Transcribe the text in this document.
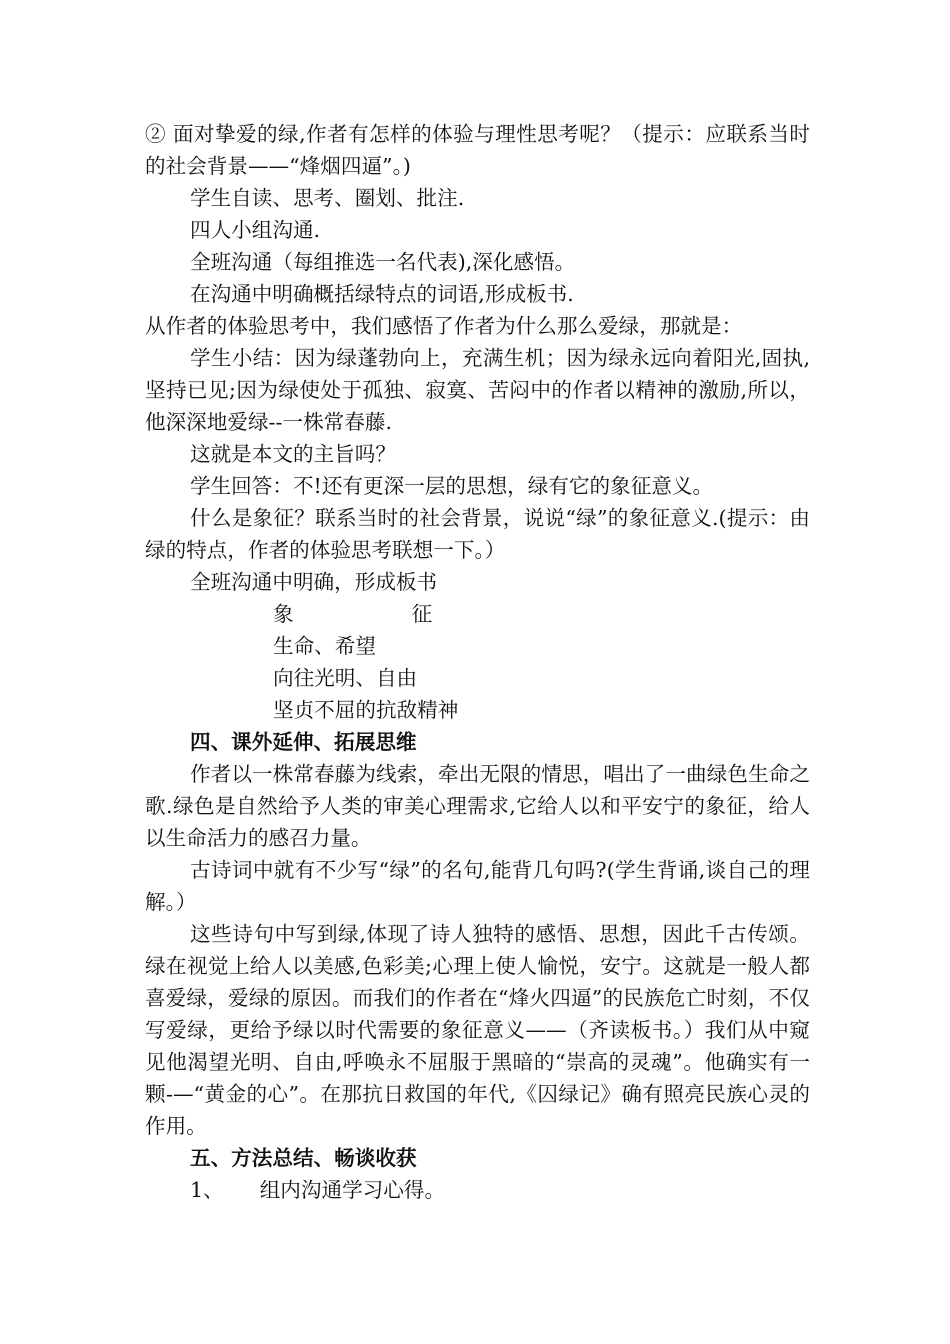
② 面对挚爱的绿,作者有怎样的体验与理性思考呢？（提示：应联系当时的社会背景——“烽烟四逼”。)

学生自读、思考、圈划、批注.

四人小组沟通.

全班沟通（每组推选一名代表),深化感悟。

在沟通中明确概括绿特点的词语,形成板书.

从作者的体验思考中，我们感悟了作者为什么那么爱绿，那就是：

学生小结：因为绿蓬勃向上，充满生机；因为绿永远向着阳光,固执,坚持已见;因为绿使处于孤独、寂寞、苦闷中的作者以精神的激励,所以，他深深地爱绿--一株常春藤.

这就是本文的主旨吗？

学生回答：不!还有更深一层的思想，绿有它的象征意义。

什么是象征？联系当时的社会背景，说说“绿”的象征意义.(提示：由绿的特点，作者的体验思考联想一下。）

全班沟通中明确，形成板书

象	征
生命、希望
向往光明、自由
坚贞不屈的抗敌精神

四、课外延伸、拓展思维

作者以一株常春藤为线索，牵出无限的情思，唱出了一曲绿色生命之歌.绿色是自然给予人类的审美心理需求,它给人以和平安宁的象征，给人以生命活力的感召力量。

古诗词中就有不少写“绿”的名句,能背几句吗?(学生背诵,谈自己的理解。）

这些诗句中写到绿,体现了诗人独特的感悟、思想，因此千古传颂。绿在视觉上给人以美感,色彩美;心理上使人愉悦，安宁。这就是一般人都喜爱绿，爱绿的原因。而我们的作者在“烽火四逼”的民族危亡时刻，不仅写爱绿，更给予绿以时代需要的象征意义——（齐读板书。）我们从中窥见他渴望光明、自由,呼唤永不屈服于黑暗的“崇高的灵魂”。他确实有一颗-—“黄金的心”。在那抗日救国的年代,《囚绿记》确有照亮民族心灵的作用。

五、方法总结、畅谈收获

1、 组内沟通学习心得。
